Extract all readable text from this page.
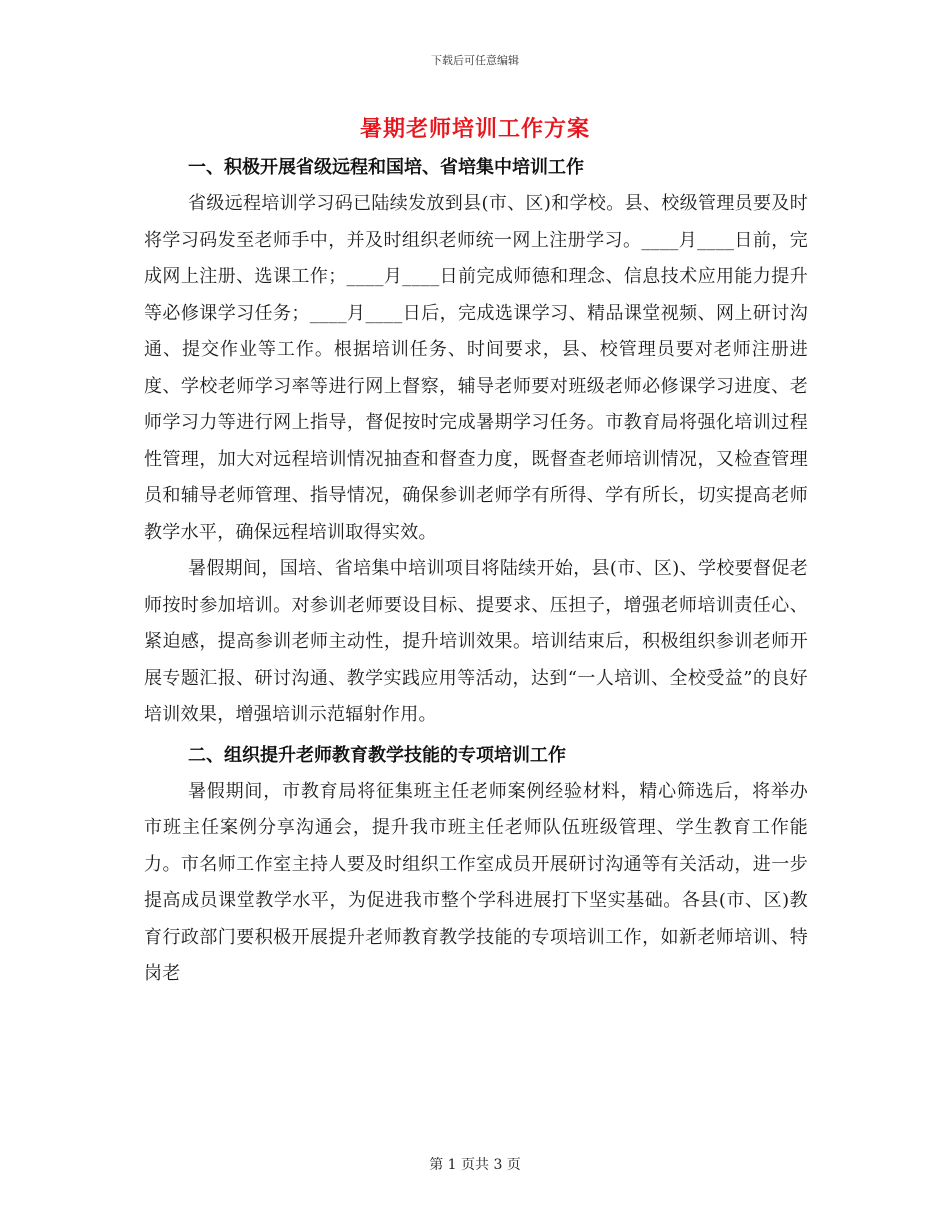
下载后可任意编辑
暑期老师培训工作方案

一、积极开展省级远程和国培、省培集中培训工作

省级远程培训学习码已陆续发放到县(市、区)和学校。县、校级管理员要及时将学习码发至老师手中，并及时组织老师统一网上注册学习。____月____日前，完成网上注册、选课工作；____月____日前完成师德和理念、信息技术应用能力提升等必修课学习任务；____月____日后，完成选课学习、精品课堂视频、网上研讨沟通、提交作业等工作。根据培训任务、时间要求，县、校管理员要对老师注册进度、学校老师学习率等进行网上督察，辅导老师要对班级老师必修课学习进度、老师学习力等进行网上指导，督促按时完成暑期学习任务。市教育局将强化培训过程性管理，加大对远程培训情况抽查和督查力度，既督查老师培训情况，又检查管理员和辅导老师管理、指导情况，确保参训老师学有所得、学有所长，切实提高老师教学水平，确保远程培训取得实效。

暑假期间，国培、省培集中培训项目将陆续开始，县(市、区)、学校要督促老师按时参加培训。对参训老师要设目标、提要求、压担子，增强老师培训责任心、紧迫感，提高参训老师主动性，提升培训效果。培训结束后，积极组织参训老师开展专题汇报、研讨沟通、教学实践应用等活动，达到“一人培训、全校受益”的良好培训效果，增强培训示范辐射作用。

二、组织提升老师教育教学技能的专项培训工作

暑假期间，市教育局将征集班主任老师案例经验材料，精心筛选后，将举办市班主任案例分享沟通会，提升我市班主任老师队伍班级管理、学生教育工作能力。市名师工作室主持人要及时组织工作室成员开展研讨沟通等有关活动，进一步提高成员课堂教学水平，为促进我市整个学科进展打下坚实基础。各县(市、区)教育行政部门要积极开展提升老师教育教学技能的专项培训工作，如新老师培训、特岗老

第 1 页共 3 页
